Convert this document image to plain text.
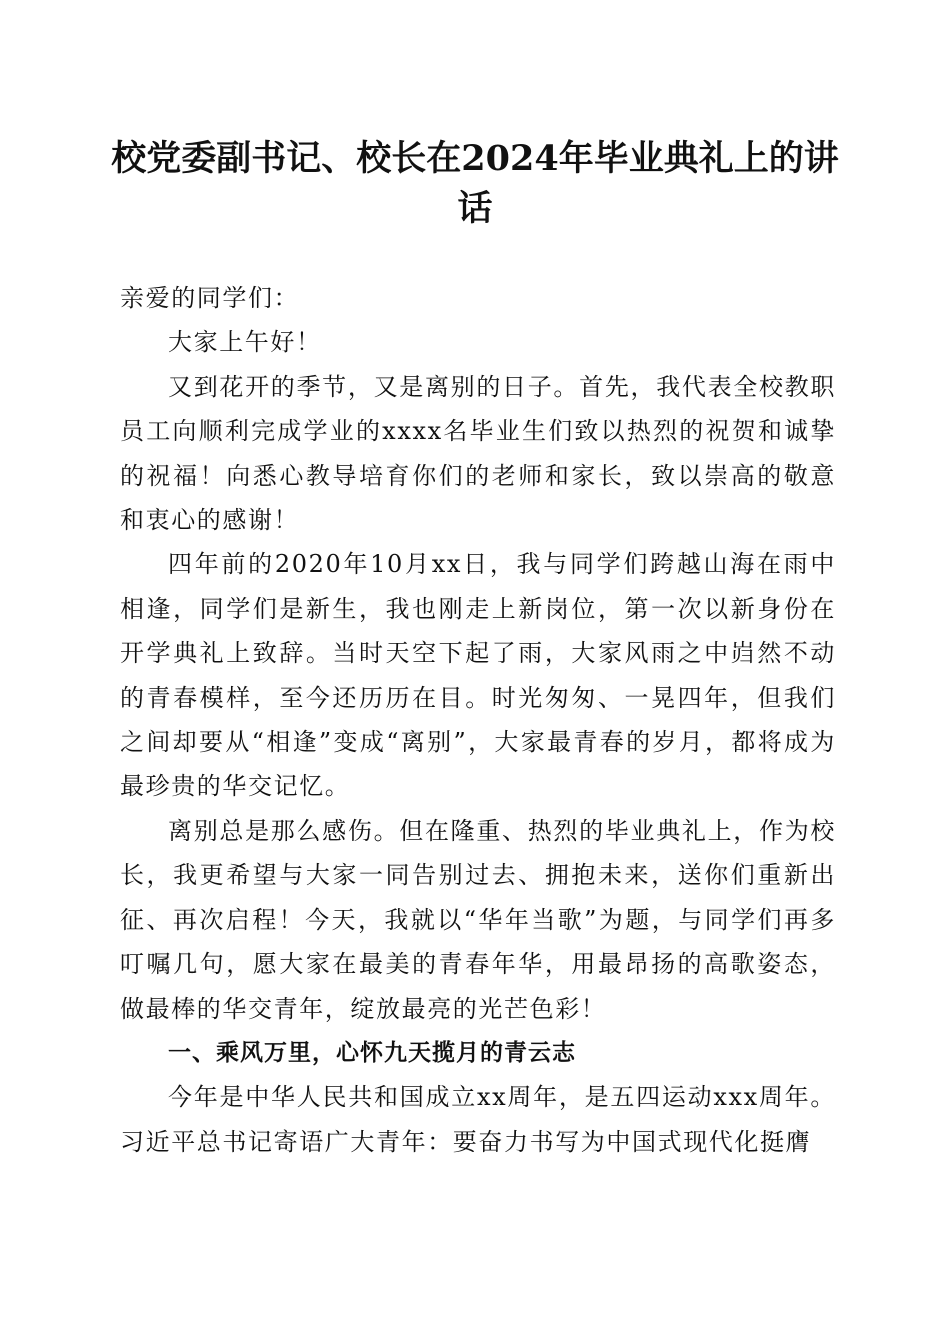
校党委副书记、校长在2024年毕业典礼上的讲话

亲爱的同学们：

大家上午好！

又到花开的季节，又是离别的日子。首先，我代表全校教职员工向顺利完成学业的xxxx名毕业生们致以热烈的祝贺和诚挚的祝福！向悉心教导培育你们的老师和家长，致以崇高的敬意和衷心的感谢！

四年前的2020年10月xx日，我与同学们跨越山海在雨中相逢，同学们是新生，我也刚走上新岗位，第一次以新身份在开学典礼上致辞。当时天空下起了雨，大家风雨之中岿然不动的青春模样，至今还历历在目。时光匆匆、一晃四年，但我们之间却要从“相逢”变成“离别”，大家最青春的岁月，都将成为最珍贵的华交记忆。

离别总是那么感伤。但在隆重、热烈的毕业典礼上，作为校长，我更希望与大家一同告别过去、拥抱未来，送你们重新出征、再次启程！今天，我就以“华年当歌”为题，与同学们再多叮嘱几句，愿大家在最美的青春年华，用最昂扬的高歌姿态，做最棒的华交青年，绽放最亮的光芒色彩！

一、乘风万里，心怀九天揽月的青云志

今年是中华人民共和国成立xx周年，是五四运动xxx周年。习近平总书记寄语广大青年：要奋力书写为中国式现代化挺膺
